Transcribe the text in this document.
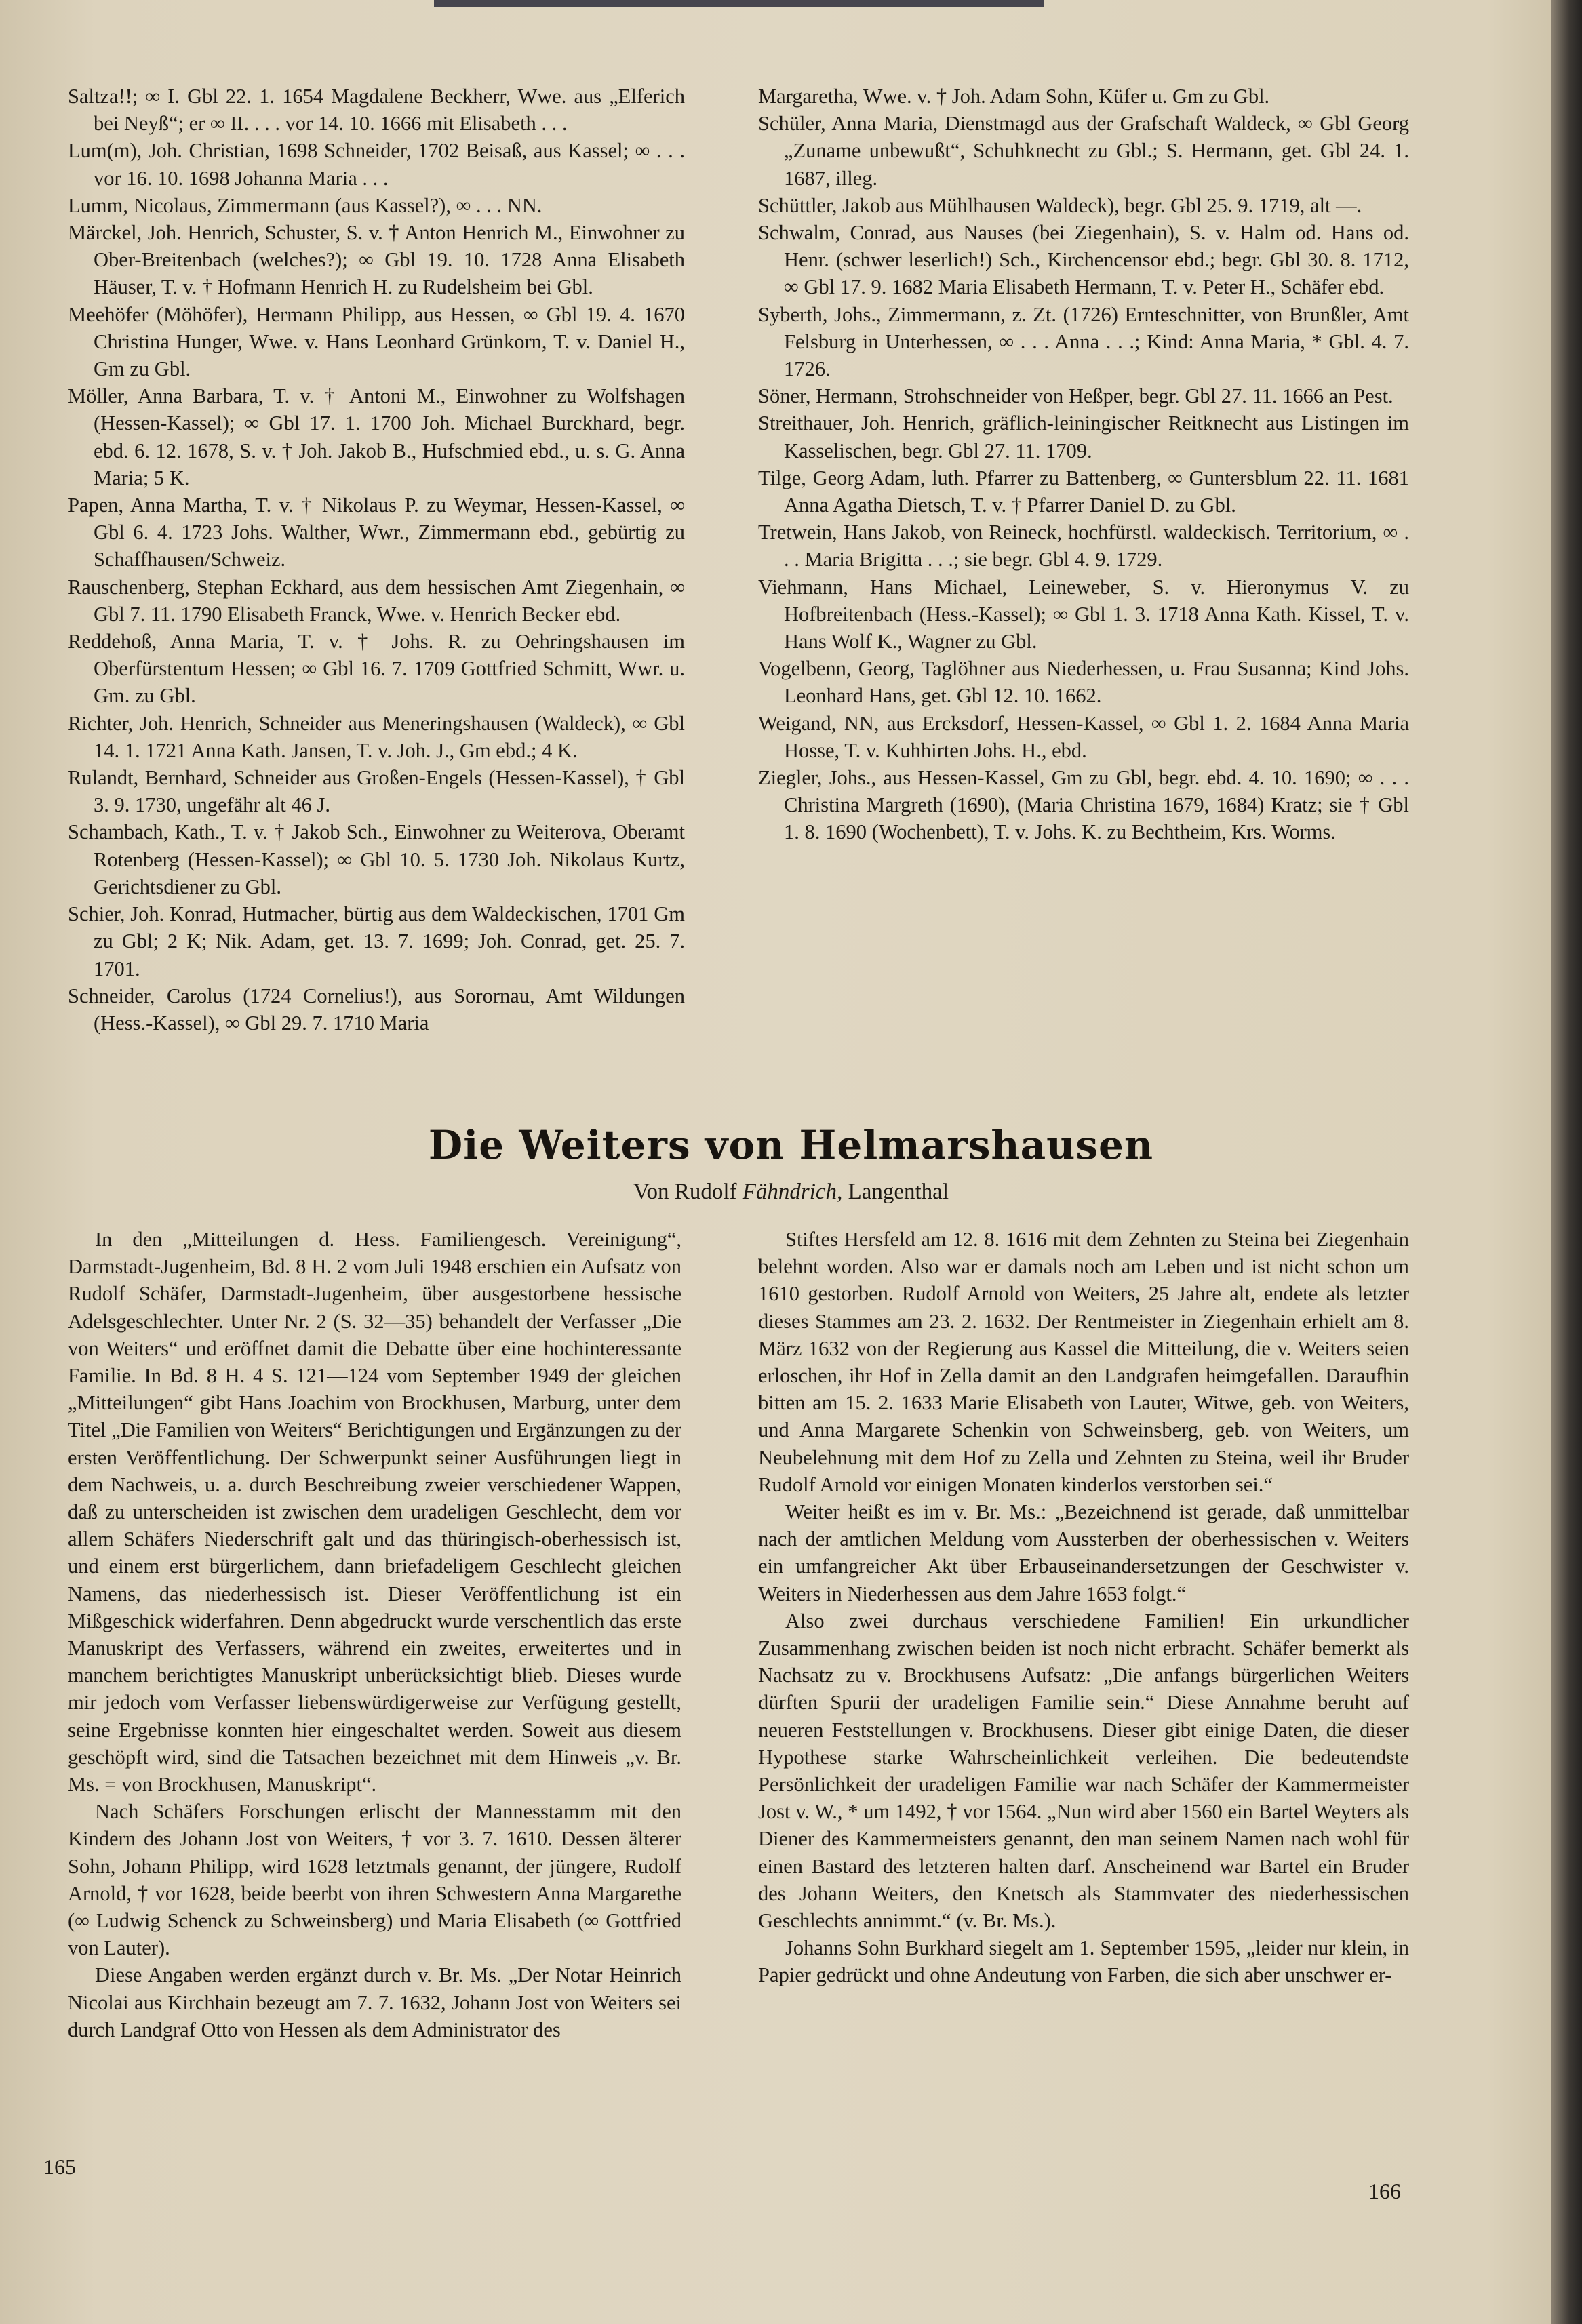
Saltza!!; ∞ I. Gbl 22. 1. 1654 Magdalene Beckherr, Wwe. aus „Elferich bei Neyß“; er ∞ II. . . . vor 14. 10. 1666 mit Elisabeth . . .

Lum(m), Joh. Christian, 1698 Schneider, 1702 Beisaß, aus Kassel; ∞ . . . vor 16. 10. 1698 Johanna Maria . . .

Lumm, Nicolaus, Zimmermann (aus Kassel?), ∞ . . . NN.

Märckel, Joh. Henrich, Schuster, S. v. † Anton Henrich M., Einwohner zu Ober-Breitenbach (welches?); ∞ Gbl 19. 10. 1728 Anna Elisabeth Häuser, T. v. † Hofmann Henrich H. zu Rudelsheim bei Gbl.

Meehöfer (Möhöfer), Hermann Philipp, aus Hessen, ∞ Gbl 19. 4. 1670 Christina Hunger, Wwe. v. Hans Leonhard Grünkorn, T. v. Daniel H., Gm zu Gbl.

Möller, Anna Barbara, T. v. † Antoni M., Einwohner zu Wolfshagen (Hessen-Kassel); ∞ Gbl 17. 1. 1700 Joh. Michael Burckhard, begr. ebd. 6. 12. 1678, S. v. † Joh. Jakob B., Hufschmied ebd., u. s. G. Anna Maria; 5 K.

Papen, Anna Martha, T. v. † Nikolaus P. zu Weymar, Hessen-Kassel, ∞ Gbl 6. 4. 1723 Johs. Walther, Wwr., Zimmermann ebd., gebürtig zu Schaffhausen/Schweiz.

Rauschenberg, Stephan Eckhard, aus dem hessischen Amt Ziegenhain, ∞ Gbl 7. 11. 1790 Elisabeth Franck, Wwe. v. Henrich Becker ebd.

Reddehoß, Anna Maria, T. v. † Johs. R. zu Oehringshausen im Oberfürstentum Hessen; ∞ Gbl 16. 7. 1709 Gottfried Schmitt, Wwr. u. Gm. zu Gbl.

Richter, Joh. Henrich, Schneider aus Meneringshausen (Waldeck), ∞ Gbl 14. 1. 1721 Anna Kath. Jansen, T. v. Joh. J., Gm ebd.; 4 K.

Rulandt, Bernhard, Schneider aus Großen-Engels (Hessen-Kassel), † Gbl 3. 9. 1730, ungefähr alt 46 J.

Schambach, Kath., T. v. † Jakob Sch., Einwohner zu Weiterova, Oberamt Rotenberg (Hessen-Kassel); ∞ Gbl 10. 5. 1730 Joh. Nikolaus Kurtz, Gerichtsdiener zu Gbl.

Schier, Joh. Konrad, Hutmacher, bürtig aus dem Waldeckischen, 1701 Gm zu Gbl; 2 K; Nik. Adam, get. 13. 7. 1699; Joh. Conrad, get. 25. 7. 1701.

Schneider, Carolus (1724 Cornelius!), aus Sorornau, Amt Wildungen (Hess.-Kassel), ∞ Gbl 29. 7. 1710 Maria

Margaretha, Wwe. v. † Joh. Adam Sohn, Küfer u. Gm zu Gbl.

Schüler, Anna Maria, Dienstmagd aus der Grafschaft Waldeck, ∞ Gbl Georg „Zuname unbewußt“, Schuhknecht zu Gbl.; S. Hermann, get. Gbl 24. 1. 1687, illeg.

Schüttler, Jakob aus Mühlhausen Waldeck), begr. Gbl 25. 9. 1719, alt —.

Schwalm, Conrad, aus Nauses (bei Ziegenhain), S. v. Halm od. Hans od. Henr. (schwer leserlich!) Sch., Kirchencensor ebd.; begr. Gbl 30. 8. 1712, ∞ Gbl 17. 9. 1682 Maria Elisabeth Hermann, T. v. Peter H., Schäfer ebd.

Syberth, Johs., Zimmermann, z. Zt. (1726) Ernteschnitter, von Brunßler, Amt Felsburg in Unterhessen, ∞ . . . Anna . . .; Kind: Anna Maria, * Gbl. 4. 7. 1726.

Söner, Hermann, Strohschneider von Heßper, begr. Gbl 27. 11. 1666 an Pest.

Streithauer, Joh. Henrich, gräflich-leiningischer Reitknecht aus Listingen im Kasselischen, begr. Gbl 27. 11. 1709.

Tilge, Georg Adam, luth. Pfarrer zu Battenberg, ∞ Guntersblum 22. 11. 1681 Anna Agatha Dietsch, T. v. † Pfarrer Daniel D. zu Gbl.

Tretwein, Hans Jakob, von Reineck, hochfürstl. waldeckisch. Territorium, ∞ . . . Maria Brigitta . . .; sie begr. Gbl 4. 9. 1729.

Viehmann, Hans Michael, Leineweber, S. v. Hieronymus V. zu Hofbreitenbach (Hess.-Kassel); ∞ Gbl 1. 3. 1718 Anna Kath. Kissel, T. v. Hans Wolf K., Wagner zu Gbl.

Vogelbenn, Georg, Taglöhner aus Niederhessen, u. Frau Susanna; Kind Johs. Leonhard Hans, get. Gbl 12. 10. 1662.

Weigand, NN, aus Ercksdorf, Hessen-Kassel, ∞ Gbl 1. 2. 1684 Anna Maria Hosse, T. v. Kuhhirten Johs. H., ebd.

Ziegler, Johs., aus Hessen-Kassel, Gm zu Gbl, begr. ebd. 4. 10. 1690; ∞ . . . Christina Margreth (1690), (Maria Christina 1679, 1684) Kratz; sie † Gbl 1. 8. 1690 (Wochenbett), T. v. Johs. K. zu Bechtheim, Krs. Worms.

Die Weiters von Helmarshausen
Von Rudolf Fähndrich, Langenthal

In den „Mitteilungen d. Hess. Familiengesch. Vereinigung“, Darmstadt-Jugenheim, Bd. 8 H. 2 vom Juli 1948 erschien ein Aufsatz von Rudolf Schäfer, Darmstadt-Jugenheim, über ausgestorbene hessische Adelsgeschlechter. Unter Nr. 2 (S. 32—35) behandelt der Verfasser „Die von Weiters“ und eröffnet damit die Debatte über eine hochinteressante Familie. In Bd. 8 H. 4 S. 121—124 vom September 1949 der gleichen „Mitteilungen“ gibt Hans Joachim von Brockhusen, Marburg, unter dem Titel „Die Familien von Weiters“ Berichtigungen und Ergänzungen zu der ersten Veröffentlichung. Der Schwerpunkt seiner Ausführungen liegt in dem Nachweis, u. a. durch Beschreibung zweier verschiedener Wappen, daß zu unterscheiden ist zwischen dem uradeligen Geschlecht, dem vor allem Schäfers Niederschrift galt und das thüringisch-oberhessisch ist, und einem erst bürgerlichem, dann briefadeligem Geschlecht gleichen Namens, das niederhessisch ist. Dieser Veröffentlichung ist ein Mißgeschick widerfahren. Denn abgedruckt wurde verschentlich das erste Manuskript des Verfassers, während ein zweites, erweitertes und in manchem berichtigtes Manuskript unberücksichtigt blieb. Dieses wurde mir jedoch vom Verfasser liebenswürdigerweise zur Verfügung gestellt, seine Ergebnisse konnten hier eingeschaltet werden. Soweit aus diesem geschöpft wird, sind die Tatsachen bezeichnet mit dem Hinweis „v. Br. Ms. = von Brockhusen, Manuskript“.

Nach Schäfers Forschungen erlischt der Mannesstamm mit den Kindern des Johann Jost von Weiters, † vor 3. 7. 1610. Dessen älterer Sohn, Johann Philipp, wird 1628 letztmals genannt, der jüngere, Rudolf Arnold, † vor 1628, beide beerbt von ihren Schwestern Anna Margarethe (∞ Ludwig Schenck zu Schweinsberg) und Maria Elisabeth (∞ Gottfried von Lauter).

Diese Angaben werden ergänzt durch v. Br. Ms. „Der Notar Heinrich Nicolai aus Kirchhain bezeugt am 7. 7. 1632, Johann Jost von Weiters sei durch Landgraf Otto von Hessen als dem Administrator des

Stiftes Hersfeld am 12. 8. 1616 mit dem Zehnten zu Steina bei Ziegenhain belehnt worden. Also war er damals noch am Leben und ist nicht schon um 1610 gestorben. Rudolf Arnold von Weiters, 25 Jahre alt, endete als letzter dieses Stammes am 23. 2. 1632. Der Rentmeister in Ziegenhain erhielt am 8. März 1632 von der Regierung aus Kassel die Mitteilung, die v. Weiters seien erloschen, ihr Hof in Zella damit an den Landgrafen heimgefallen. Daraufhin bitten am 15. 2. 1633 Marie Elisabeth von Lauter, Witwe, geb. von Weiters, und Anna Margarete Schenkin von Schweinsberg, geb. von Weiters, um Neubelehnung mit dem Hof zu Zella und Zehnten zu Steina, weil ihr Bruder Rudolf Arnold vor einigen Monaten kinderlos verstorben sei.“

Weiter heißt es im v. Br. Ms.: „Bezeichnend ist gerade, daß unmittelbar nach der amtlichen Meldung vom Aussterben der oberhessischen v. Weiters ein umfangreicher Akt über Erbauseinandersetzungen der Geschwister v. Weiters in Niederhessen aus dem Jahre 1653 folgt.“

Also zwei durchaus verschiedene Familien! Ein urkundlicher Zusammenhang zwischen beiden ist noch nicht erbracht. Schäfer bemerkt als Nachsatz zu v. Brockhusens Aufsatz: „Die anfangs bürgerlichen Weiters dürften Spurii der uradeligen Familie sein.“ Diese Annahme beruht auf neueren Feststellungen v. Brockhusens. Dieser gibt einige Daten, die dieser Hypothese starke Wahrscheinlichkeit verleihen. Die bedeutendste Persönlichkeit der uradeligen Familie war nach Schäfer der Kammermeister Jost v. W., * um 1492, † vor 1564. „Nun wird aber 1560 ein Bartel Weyters als Diener des Kammermeisters genannt, den man seinem Namen nach wohl für einen Bastard des letzteren halten darf. Anscheinend war Bartel ein Bruder des Johann Weiters, den Knetsch als Stammvater des niederhessischen Geschlechts annimmt.“ (v. Br. Ms.).

Johanns Sohn Burkhard siegelt am 1. September 1595, „leider nur klein, in Papier gedrückt und ohne Andeutung von Farben, die sich aber unschwer er-

165
166
